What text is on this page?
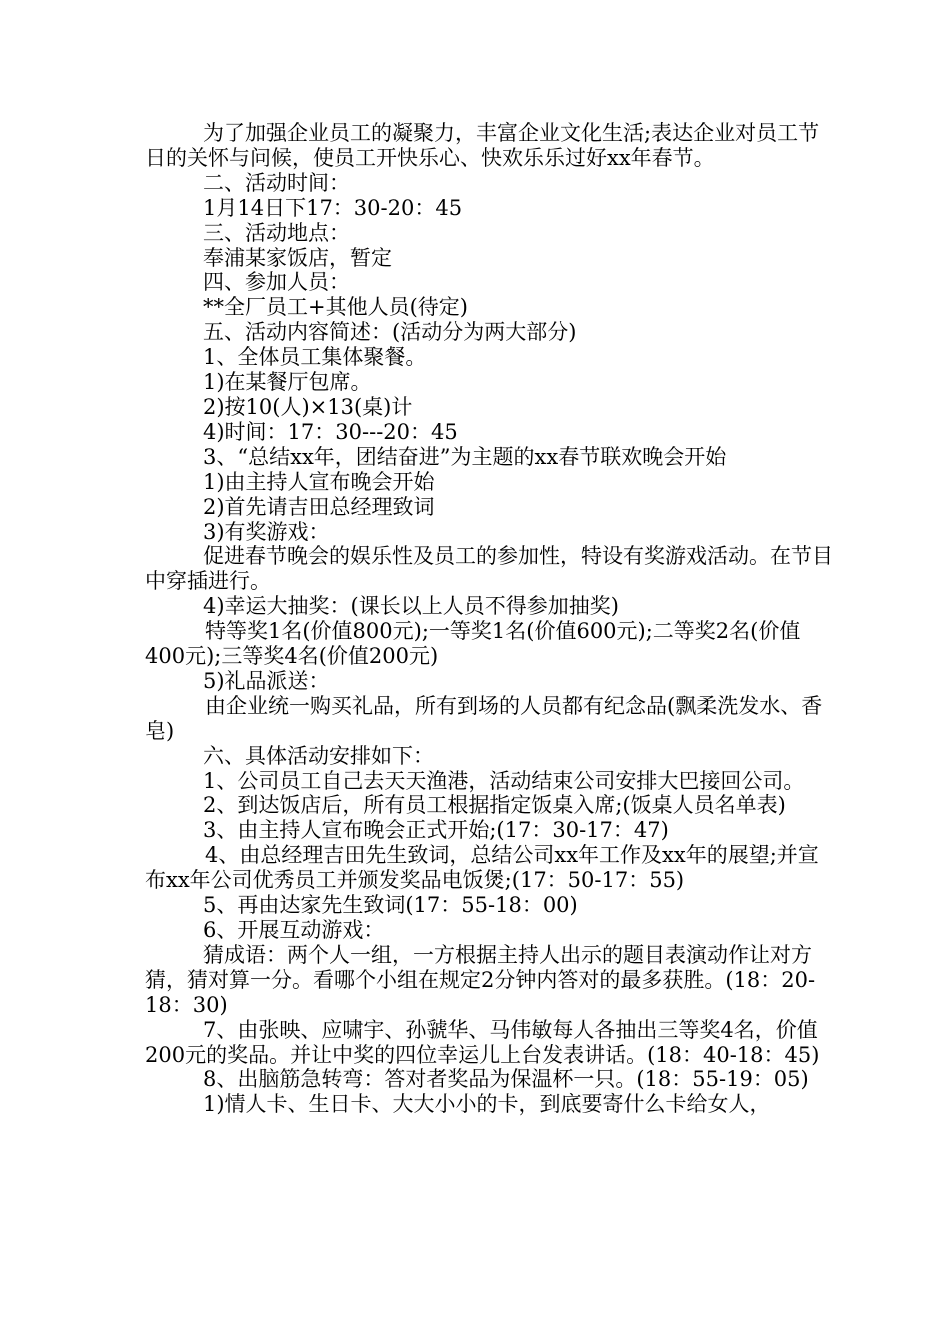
为了加强企业员工的凝聚力，丰富企业文化生活;表达企业对员工节日的关怀与问候，使员工开快乐心、快欢乐乐过好xx年春节。

二、活动时间：

1月14日下17：30-20：45

三、活动地点：

奉浦某家饭店，暂定

四、参加人员：

**全厂员工+其他人员(待定)

五、活动内容简述：(活动分为两大部分)

1、全体员工集体聚餐。

1)在某餐厅包席。

2)按10(人)×13(桌)计

4)时间：17：30---20：45

3、“总结xx年，团结奋进”为主题的xx春节联欢晚会开始

1)由主持人宣布晚会开始

2)首先请吉田总经理致词

3)有奖游戏：

促进春节晚会的娱乐性及员工的参加性，特设有奖游戏活动。在节目中穿插进行。

4)幸运大抽奖：(课长以上人员不得参加抽奖)

特等奖1名(价值800元);一等奖1名(价值600元);二等奖2名(价值400元);三等奖4名(价值200元)

5)礼品派送：

由企业统一购买礼品，所有到场的人员都有纪念品(飘柔洗发水、香皂)

六、具体活动安排如下：

1、公司员工自己去天天渔港，活动结束公司安排大巴接回公司。

2、到达饭店后，所有员工根据指定饭桌入席;(饭桌人员名单表)

3、由主持人宣布晚会正式开始;(17：30-17：47)

4、由总经理吉田先生致词，总结公司xx年工作及xx年的展望;并宣布xx年公司优秀员工并颁发奖品电饭煲;(17：50-17：55)

5、再由达家先生致词(17：55-18：00)

6、开展互动游戏：

猜成语：两个人一组，一方根据主持人出示的题目表演动作让对方猜，猜对算一分。看哪个小组在规定2分钟内答对的最多获胜。(18：20-18：30)

7、由张映、应啸宇、孙虢华、马伟敏每人各抽出三等奖4名，价值200元的奖品。并让中奖的四位幸运儿上台发表讲话。(18：40-18：45)

8、出脑筋急转弯：答对者奖品为保温杯一只。(18：55-19：05)

1)情人卡、生日卡、大大小小的卡，到底要寄什么卡给女人，
